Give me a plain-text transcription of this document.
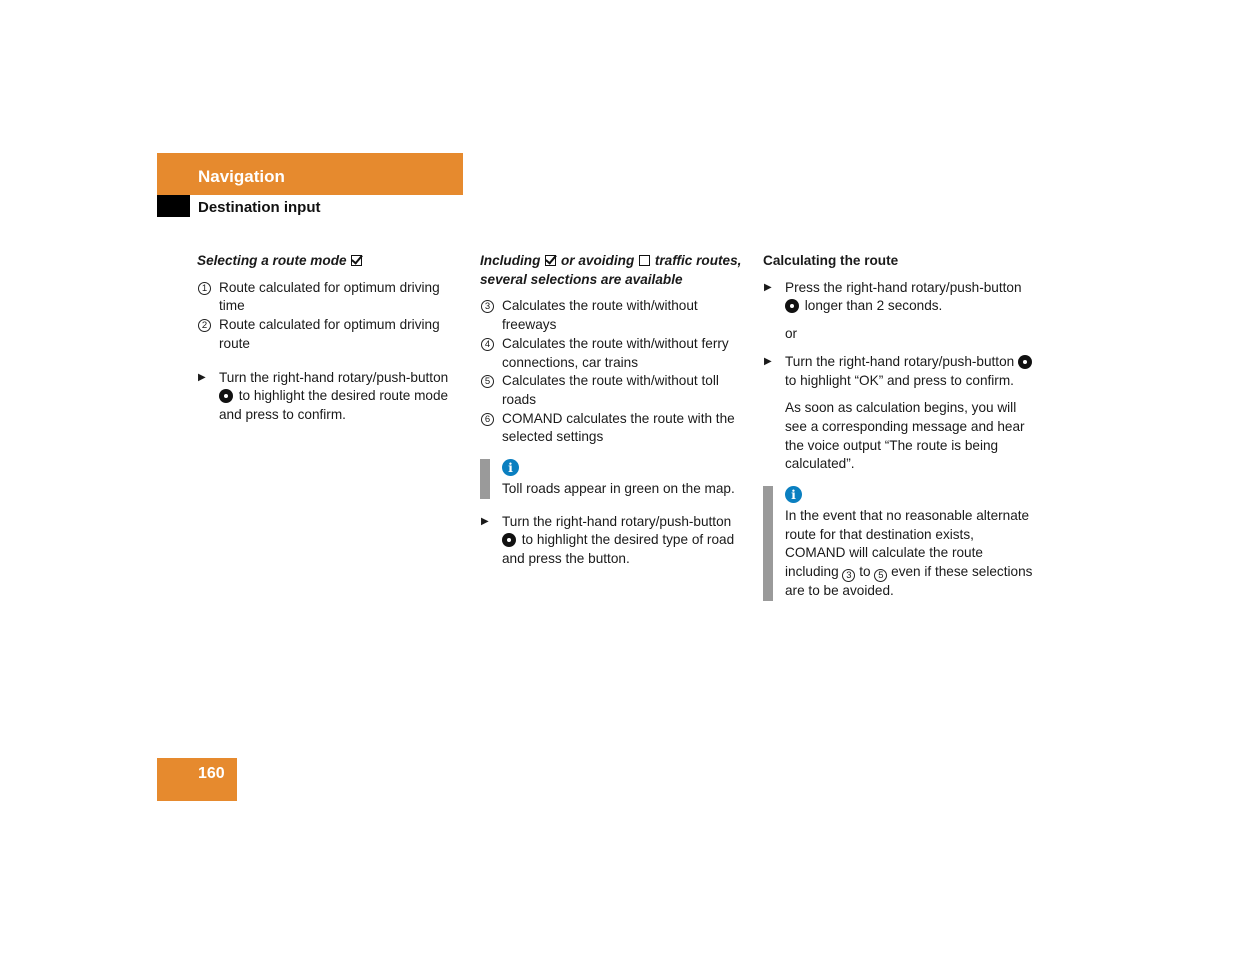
Navigation
Destination input
Selecting a route mode
1 Route calculated for optimum driving time
2 Route calculated for optimum driving route
▶ Turn the right-hand rotary/push-button  to highlight the desired route mode and press to confirm.
Including or avoiding traffic routes, several selections are available
3 Calculates the route with/without freeways
4 Calculates the route with/without ferry connections, car trains
5 Calculates the route with/without toll roads
6 COMAND calculates the route with the selected settings
i
Toll roads appear in green on the map.
▶ Turn the right-hand rotary/push-button  to highlight the desired type of road and press the button.
Calculating the route
▶ Press the right-hand rotary/push-button  longer than 2 seconds.
or
▶ Turn the right-hand rotary/push-button  to highlight “OK” and press to confirm.
As soon as calculation begins, you will see a corresponding message and hear the voice output “The route is being calculated”.
i
In the event that no reasonable alternate route for that destination exists, COMAND will calculate the route including 3 to 5 even if these selections are to be avoided.
160
